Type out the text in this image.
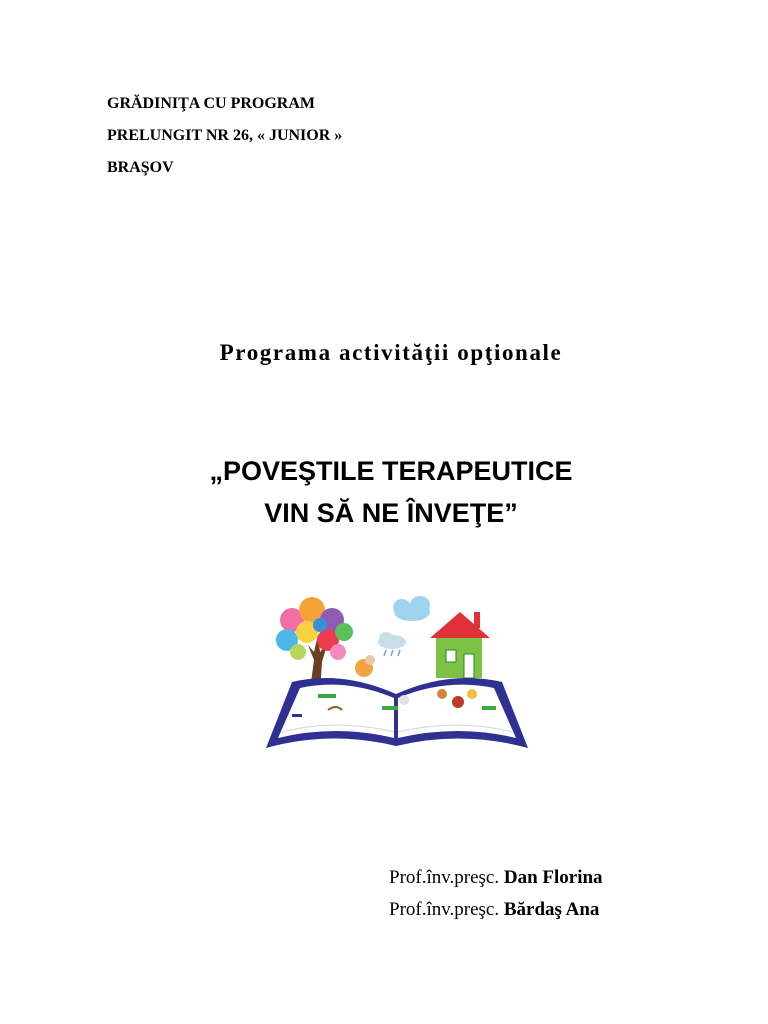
GRĂDINIŢA CU PROGRAM
PRELUNGIT NR 26, « JUNIOR »
BRAŞOV
Programa activităţii opţionale
„POVEŞTILE TERAPEUTICE
VIN SĂ NE ÎNVEŢE”
Prof.înv.preşc. Dan Florina
Prof.înv.preşc. Bărdaş Ana
